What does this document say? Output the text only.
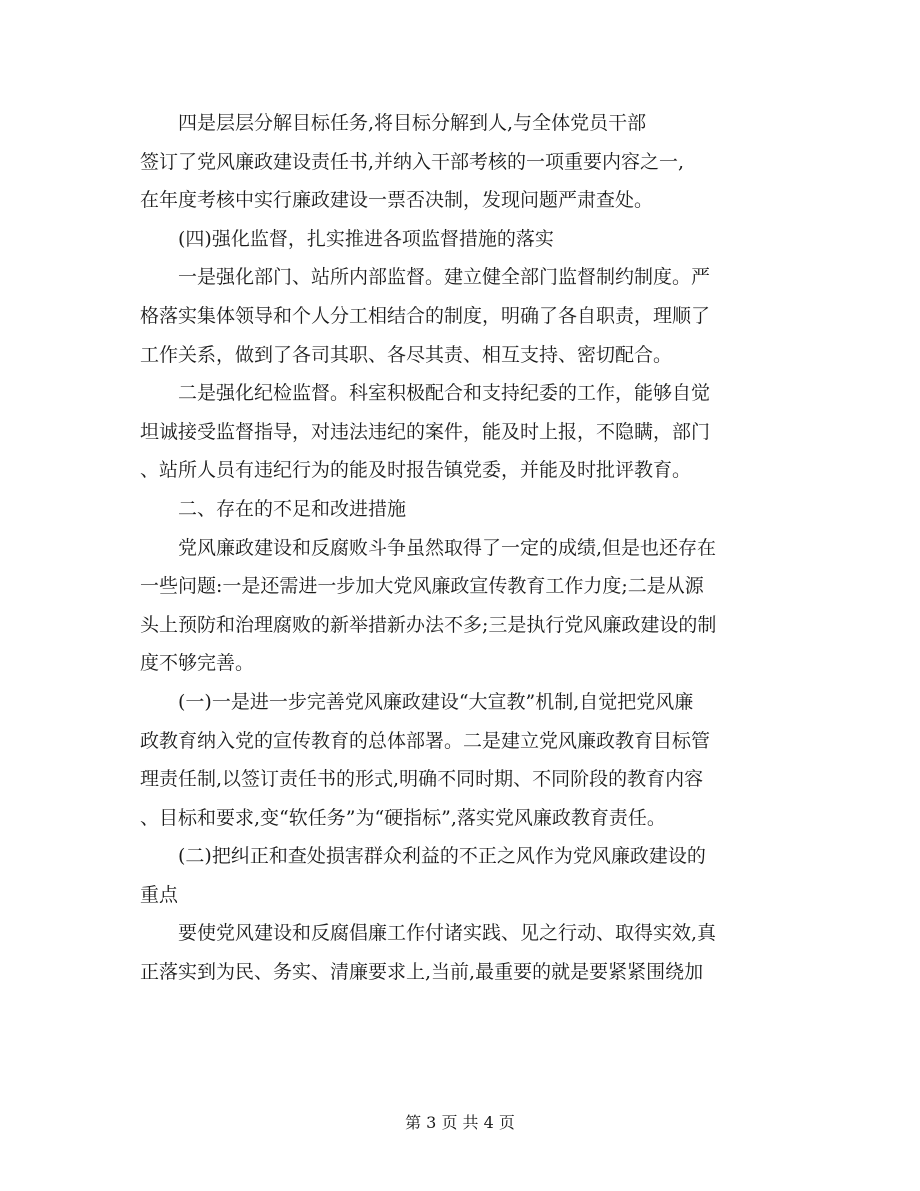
四是层层分解目标任务,将目标分解到人,与全体党员干部
签订了党风廉政建设责任书,并纳入干部考核的一项重要内容之一,
在年度考核中实行廉政建设一票否决制，发现问题严肃查处。
(四)强化监督，扎实推进各项监督措施的落实
一是强化部门、站所内部监督。建立健全部门监督制约制度。严
格落实集体领导和个人分工相结合的制度，明确了各自职责，理顺了
工作关系，做到了各司其职、各尽其责、相互支持、密切配合。
二是强化纪检监督。科室积极配合和支持纪委的工作，能够自觉
坦诚接受监督指导，对违法违纪的案件，能及时上报，不隐瞒，部门
、站所人员有违纪行为的能及时报告镇党委，并能及时批评教育。
二、存在的不足和改进措施
党风廉政建设和反腐败斗争虽然取得了一定的成绩,但是也还存在
一些问题:一是还需进一步加大党风廉政宣传教育工作力度;二是从源
头上预防和治理腐败的新举措新办法不多;三是执行党风廉政建设的制
度不够完善。
(一)一是进一步完善党风廉政建设“大宣教”机制,自觉把党风廉
政教育纳入党的宣传教育的总体部署。二是建立党风廉政教育目标管
理责任制,以签订责任书的形式,明确不同时期、不同阶段的教育内容
、目标和要求,变“软任务”为“硬指标”,落实党风廉政教育责任。
(二)把纠正和查处损害群众利益的不正之风作为党风廉政建设的
重点
要使党风建设和反腐倡廉工作付诸实践、见之行动、取得实效,真
正落实到为民、务实、清廉要求上,当前,最重要的就是要紧紧围绕加
第 3 页 共 4 页
